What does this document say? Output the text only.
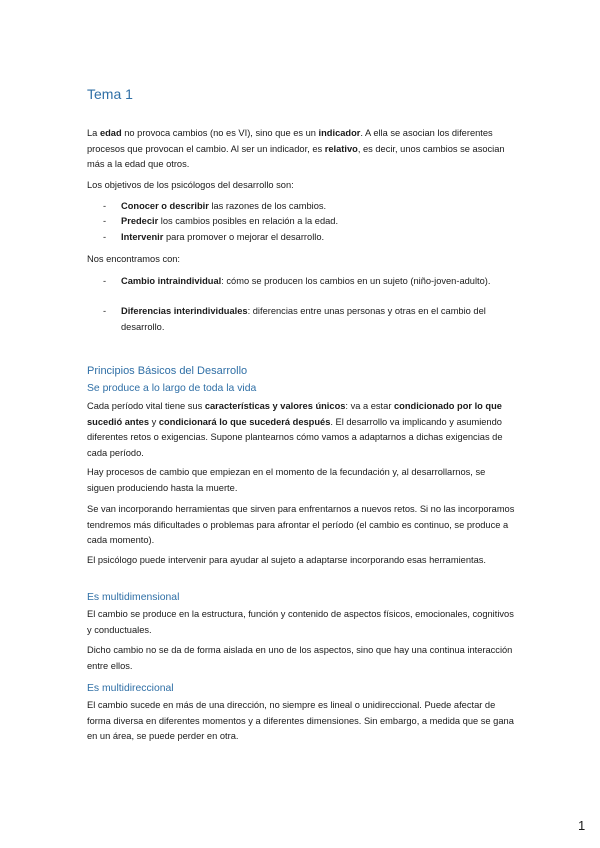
Tema 1
La edad no provoca cambios (no es VI), sino que es un indicador. A ella se asocian los diferentes procesos que provocan el cambio. Al ser un indicador, es relativo, es decir, unos cambios se asocian más a la edad que otros.
Los objetivos de los psicólogos del desarrollo son:
- Conocer o describir las razones de los cambios.
- Predecir los cambios posibles en relación a la edad.
- Intervenir para promover o mejorar el desarrollo.
Nos encontramos con:
- Cambio intraindividual: cómo se producen los cambios en un sujeto (niño-joven-adulto).
- Diferencias interindividuales: diferencias entre unas personas y otras en el cambio del desarrollo.
Principios Básicos del Desarrollo
Se produce a lo largo de toda la vida
Cada período vital tiene sus características y valores únicos: va a estar condicionado por lo que sucedió antes y condicionará lo que sucederá después. El desarrollo va implicando y asumiendo diferentes retos o exigencias. Supone plantearnos cómo vamos a adaptarnos a dichas exigencias de cada período.
Hay procesos de cambio que empiezan en el momento de la fecundación y, al desarrollarnos, se siguen produciendo hasta la muerte.
Se van incorporando herramientas que sirven para enfrentarnos a nuevos retos. Si no las incorporamos tendremos más dificultades o problemas para afrontar el período (el cambio es continuo, se produce a cada momento).
El psicólogo puede intervenir para ayudar al sujeto a adaptarse incorporando esas herramientas.
Es multidimensional
El cambio se produce en la estructura, función y contenido de aspectos físicos, emocionales, cognitivos y conductuales.
Dicho cambio no se da de forma aislada en uno de los aspectos, sino que hay una continua interacción entre ellos.
Es multidireccional
El cambio sucede en más de una dirección, no siempre es lineal o unidireccional. Puede afectar de forma diversa en diferentes momentos y a diferentes dimensiones. Sin embargo, a medida que se gana en un área, se puede perder en otra.
1
